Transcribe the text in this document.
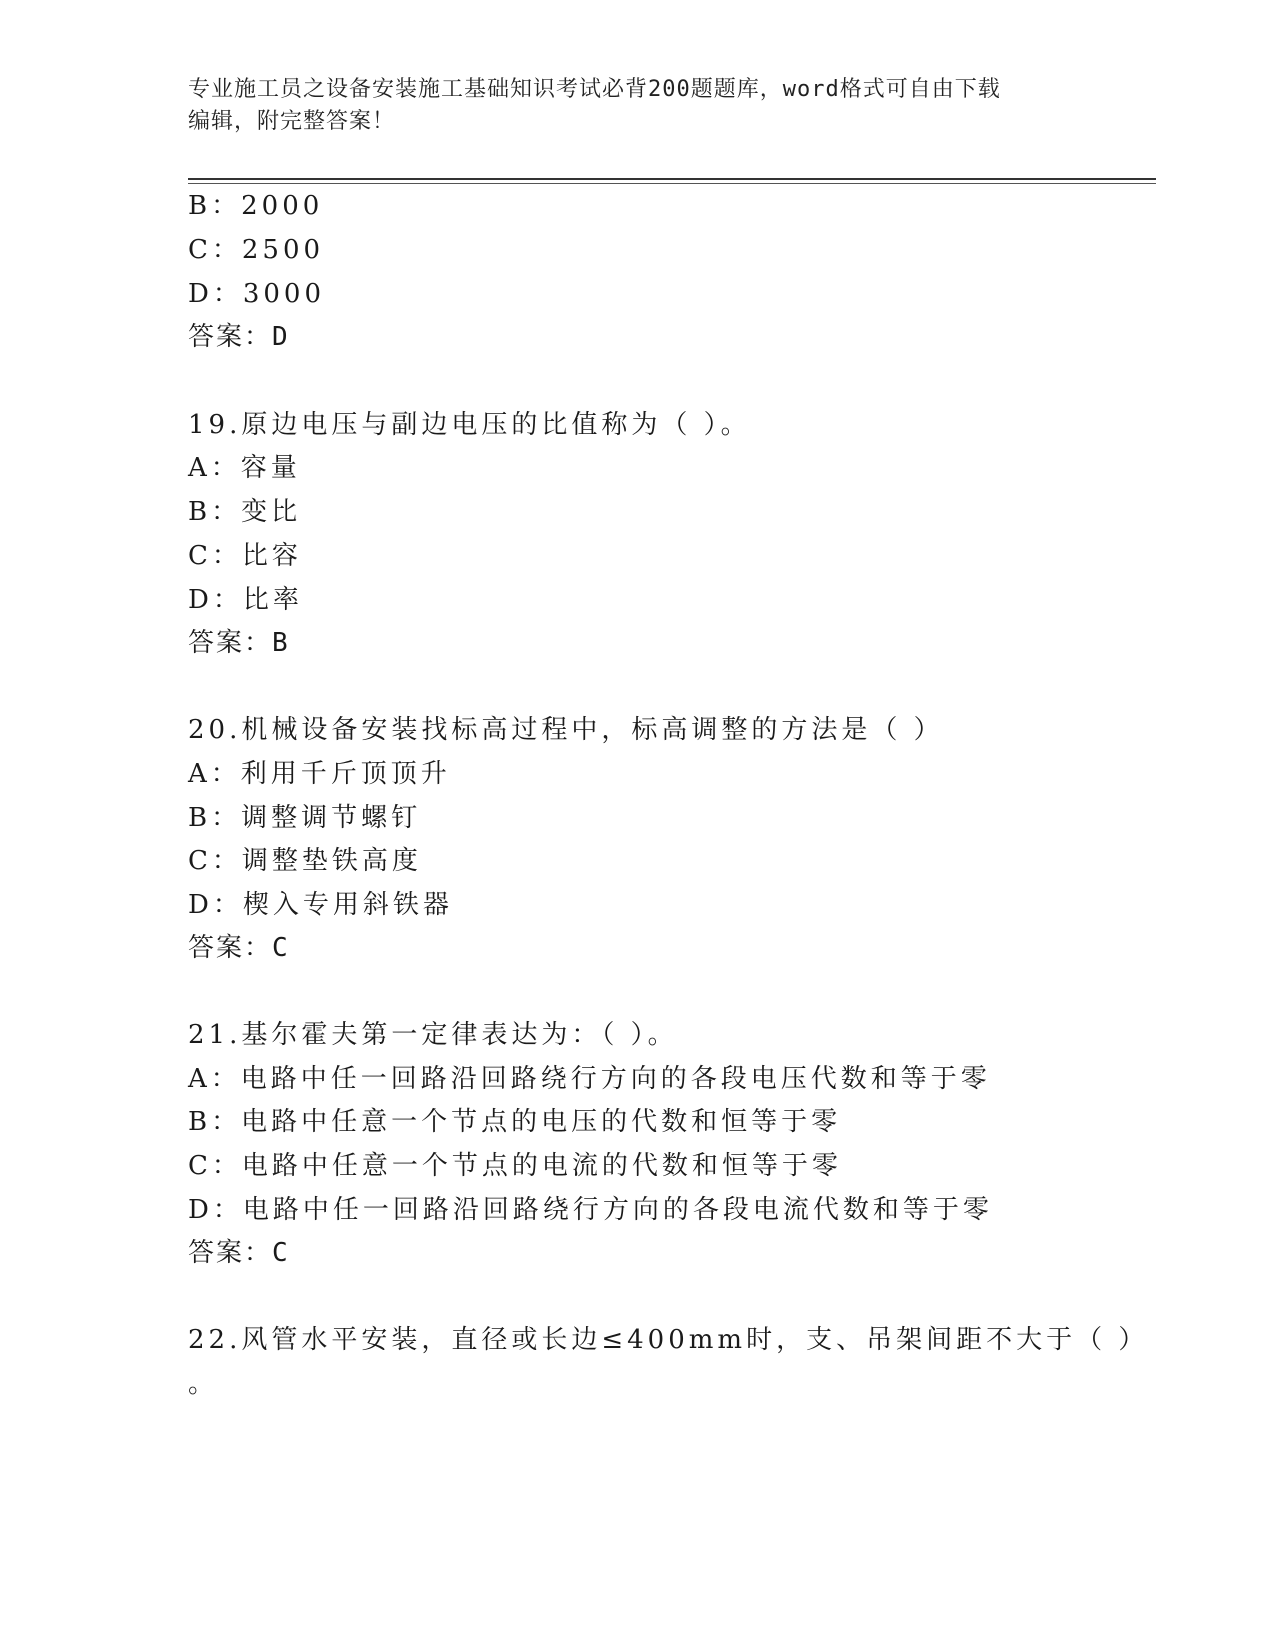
专业施工员之设备安装施工基础知识考试必背200题题库，word格式可自由下载
编辑，附完整答案！
B：2000
C：2500
D：3000
答案：D
19.原边电压与副边电压的比值称为（ ）。
A：容量
B：变比
C：比容
D：比率
答案：B
20.机械设备安装找标高过程中，标高调整的方法是（ ）
A：利用千斤顶顶升
B：调整调节螺钉
C：调整垫铁高度
D：楔入专用斜铁器
答案：C
21.基尔霍夫第一定律表达为：（ ）。
A：电路中任一回路沿回路绕行方向的各段电压代数和等于零
B：电路中任意一个节点的电压的代数和恒等于零
C：电路中任意一个节点的电流的代数和恒等于零
D：电路中任一回路沿回路绕行方向的各段电流代数和等于零
答案：C
22.风管水平安装，直径或长边≤400mm时，支、吊架间距不大于（ ）
。
